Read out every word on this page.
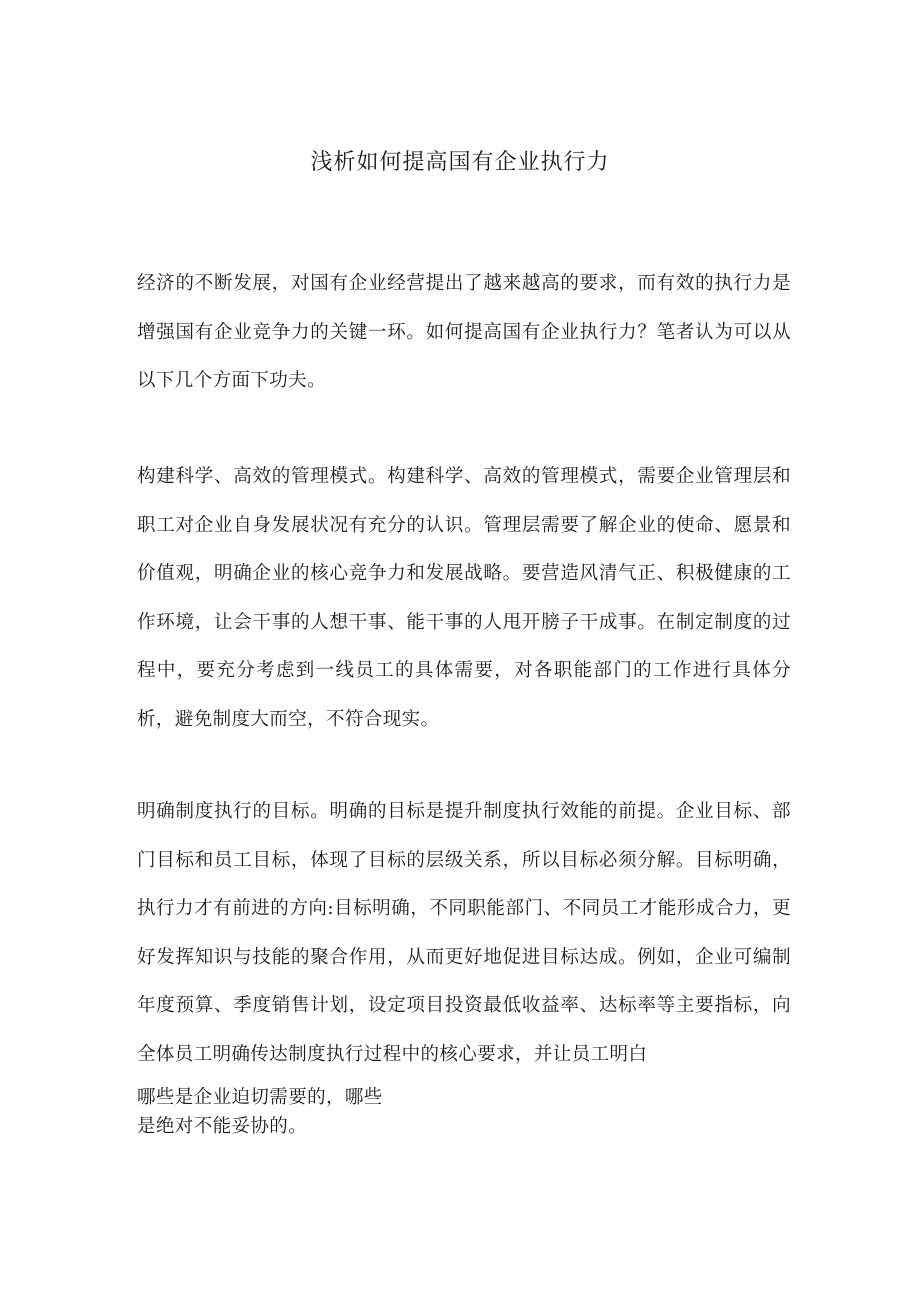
浅析如何提高国有企业执行力

经济的不断发展，对国有企业经营提出了越来越高的要求，而有效的执行力是增强国有企业竞争力的关键一环。如何提高国有企业执行力？笔者认为可以从以下几个方面下功夫。

构建科学、高效的管理模式。构建科学、高效的管理模式，需要企业管理层和职工对企业自身发展状况有充分的认识。管理层需要了解企业的使命、愿景和价值观，明确企业的核心竞争力和发展战略。要营造风清气正、积极健康的工作环境，让会干事的人想干事、能干事的人甩开膀子干成事。在制定制度的过程中，要充分考虑到一线员工的具体需要，对各职能部门的工作进行具体分析，避免制度大而空，不符合现实。

明确制度执行的目标。明确的目标是提升制度执行效能的前提。企业目标、部门目标和员工目标，体现了目标的层级关系，所以目标必须分解。目标明确，执行力才有前进的方向:目标明确，不同职能部门、不同员工才能形成合力，更好发挥知识与技能的聚合作用，从而更好地促进目标达成。例如，企业可编制年度预算、季度销售计划，设定项目投资最低收益率、达标率等主要指标，向全体员工明确传达制度执行过程中的核心要求，并让员工明白

哪些是企业迫切需要的，哪些
是绝对不能妥协的。
